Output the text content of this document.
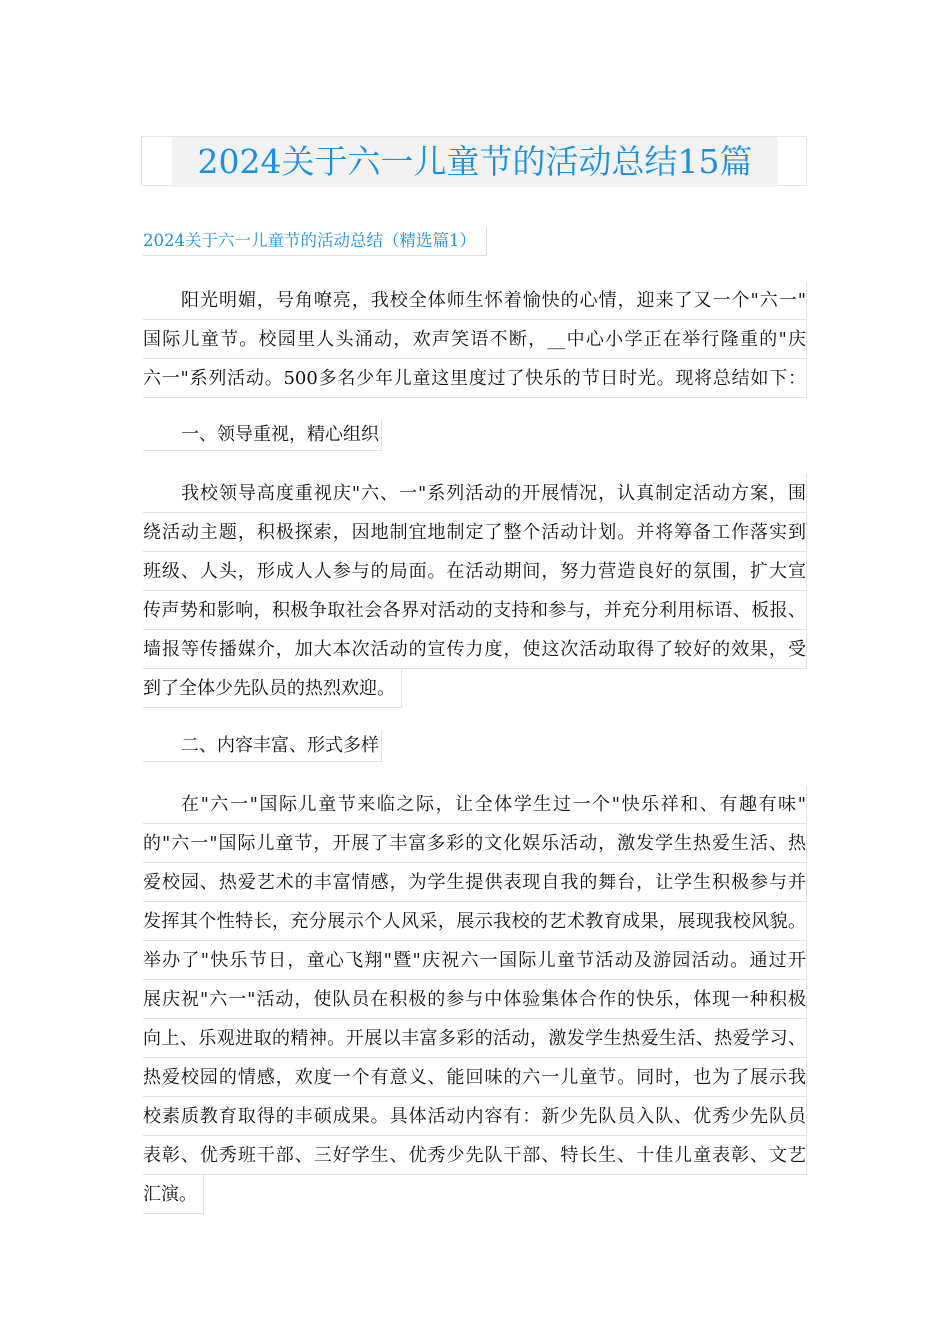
2024关于六一儿童节的活动总结15篇
2024关于六一儿童节的活动总结（精选篇1）
阳光明媚，号角嘹亮，我校全体师生怀着愉快的心情，迎来了又一个"六一"
国际儿童节。校园里人头涌动，欢声笑语不断，__中心小学正在举行隆重的"庆
六一"系列活动。500多名少年儿童这里度过了快乐的节日时光。现将总结如下：
一、领导重视，精心组织
我校领导高度重视庆"六、一"系列活动的开展情况，认真制定活动方案，围
绕活动主题，积极探索，因地制宜地制定了整个活动计划。并将筹备工作落实到
班级、人头，形成人人参与的局面。在活动期间，努力营造良好的氛围，扩大宣
传声势和影响，积极争取社会各界对活动的支持和参与，并充分利用标语、板报、
墙报等传播媒介，加大本次活动的宣传力度，使这次活动取得了较好的效果，受
到了全体少先队员的热烈欢迎。
二、内容丰富、形式多样
在"六一"国际儿童节来临之际，让全体学生过一个"快乐祥和、有趣有味"
的"六一"国际儿童节，开展了丰富多彩的文化娱乐活动，激发学生热爱生活、热
爱校园、热爱艺术的丰富情感，为学生提供表现自我的舞台，让学生积极参与并
发挥其个性特长，充分展示个人风采，展示我校的艺术教育成果，展现我校风貌。
举办了"快乐节日，童心飞翔"暨"庆祝六一国际儿童节活动及游园活动。通过开
展庆祝"六一"活动，使队员在积极的参与中体验集体合作的快乐，体现一种积极
向上、乐观进取的精神。开展以丰富多彩的活动，激发学生热爱生活、热爱学习、
热爱校园的情感，欢度一个有意义、能回味的六一儿童节。同时，也为了展示我
校素质教育取得的丰硕成果。具体活动内容有：新少先队员入队、优秀少先队员
表彰、优秀班干部、三好学生、优秀少先队干部、特长生、十佳儿童表彰、文艺
汇演。
